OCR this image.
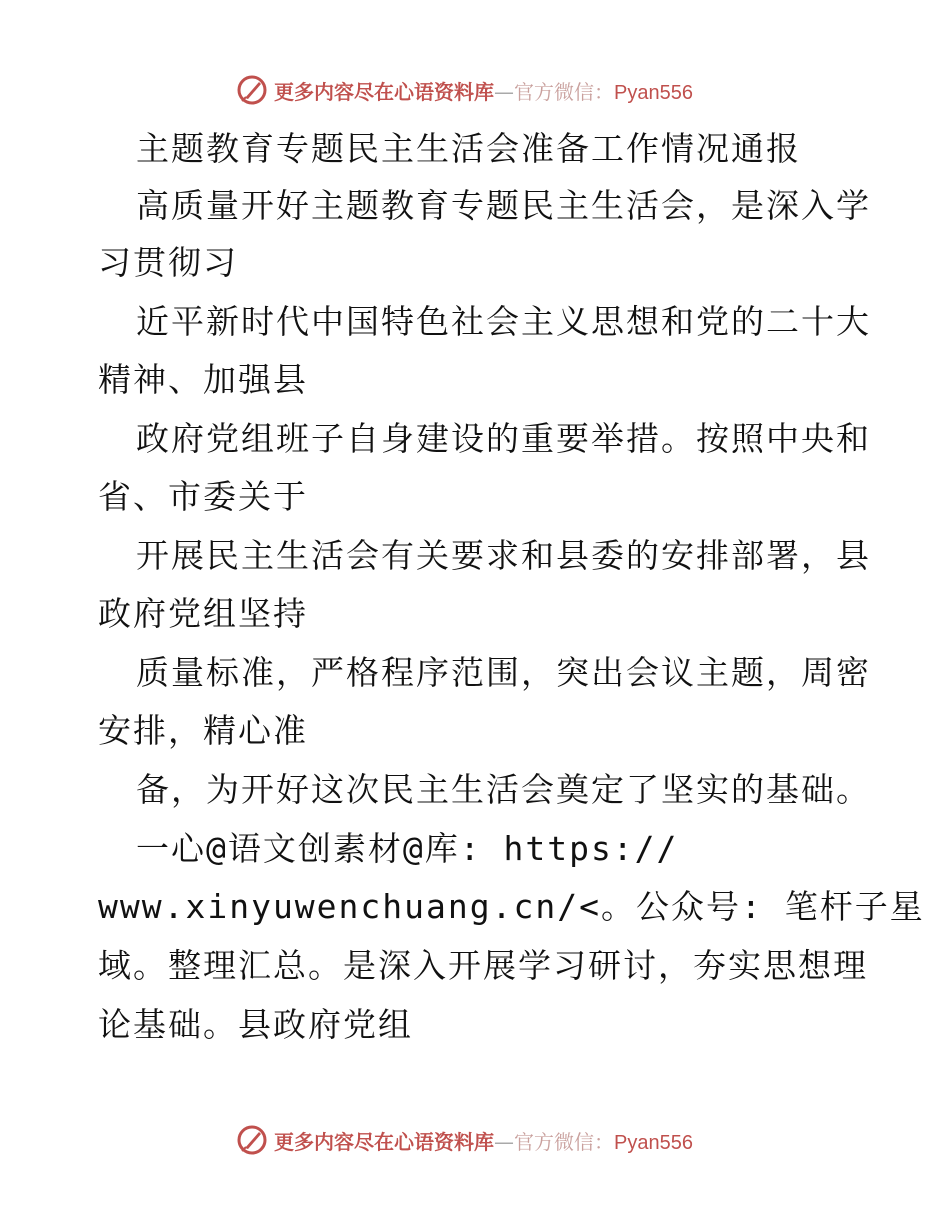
更多内容尽在心语资料库—官方微信：Pyan556
主题教育专题民主生活会准备工作情况通报
高质量开好主题教育专题民主生活会，是深入学
习贯彻习
近平新时代中国特色社会主义思想和党的二十大
精神、加强县
政府党组班子自身建设的重要举措。按照中央和
省、市委关于
开展民主生活会有关要求和县委的安排部署，县
政府党组坚持
质量标准，严格程序范围，突出会议主题，周密
安排，精心准
备，为开好这次民主生活会奠定了坚实的基础。
一心@语文创素材@库: https://
www.xinyuwenchuang.cn/<。公众号: 笔杆子星
域。整理汇总。是深入开展学习研讨，夯实思想理
论基础。县政府党组
更多内容尽在心语资料库—官方微信：Pyan556
